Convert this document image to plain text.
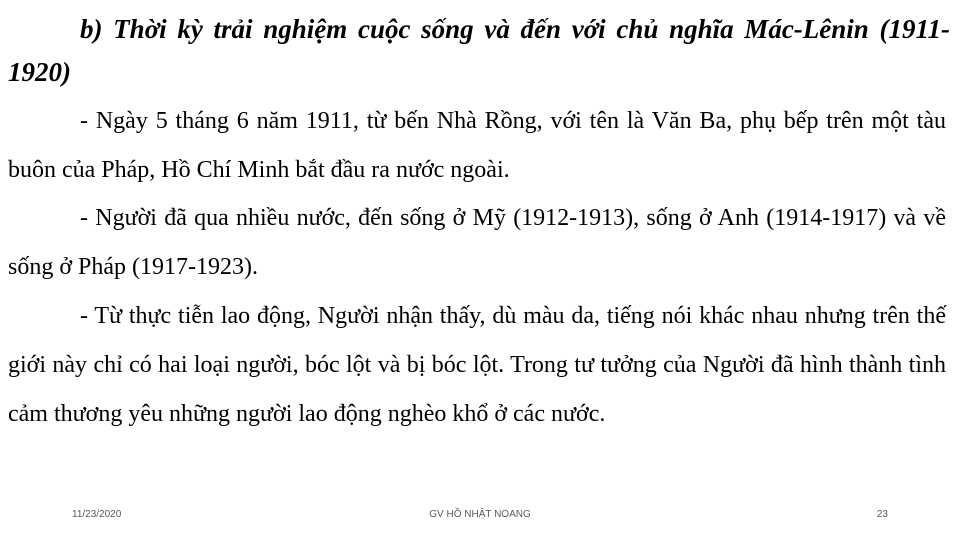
b) Thời kỳ trải nghiệm cuộc sống và đến với chủ nghĩa Mác-Lênin (1911-1920)

- Ngày 5 tháng 6 năm 1911, từ bến Nhà Rồng, với tên là Văn Ba, phụ bếp trên một tàu buôn của Pháp, Hồ Chí Minh bắt đầu ra nước ngoài.

- Người đã qua nhiều nước, đến sống ở Mỹ (1912-1913), sống ở Anh (1914-1917) và về sống ở Pháp (1917-1923).

- Từ thực tiễn lao động, Người nhận thấy, dù màu da, tiếng nói khác nhau nhưng trên thế giới này chỉ có hai loại người, bóc lột và bị bóc lột. Trong tư tưởng của Người đã hình thành tình cảm thương yêu những người lao động nghèo khổ ở các nước.

11/23/2020	GV HỒ NHẬT NOANG	23
